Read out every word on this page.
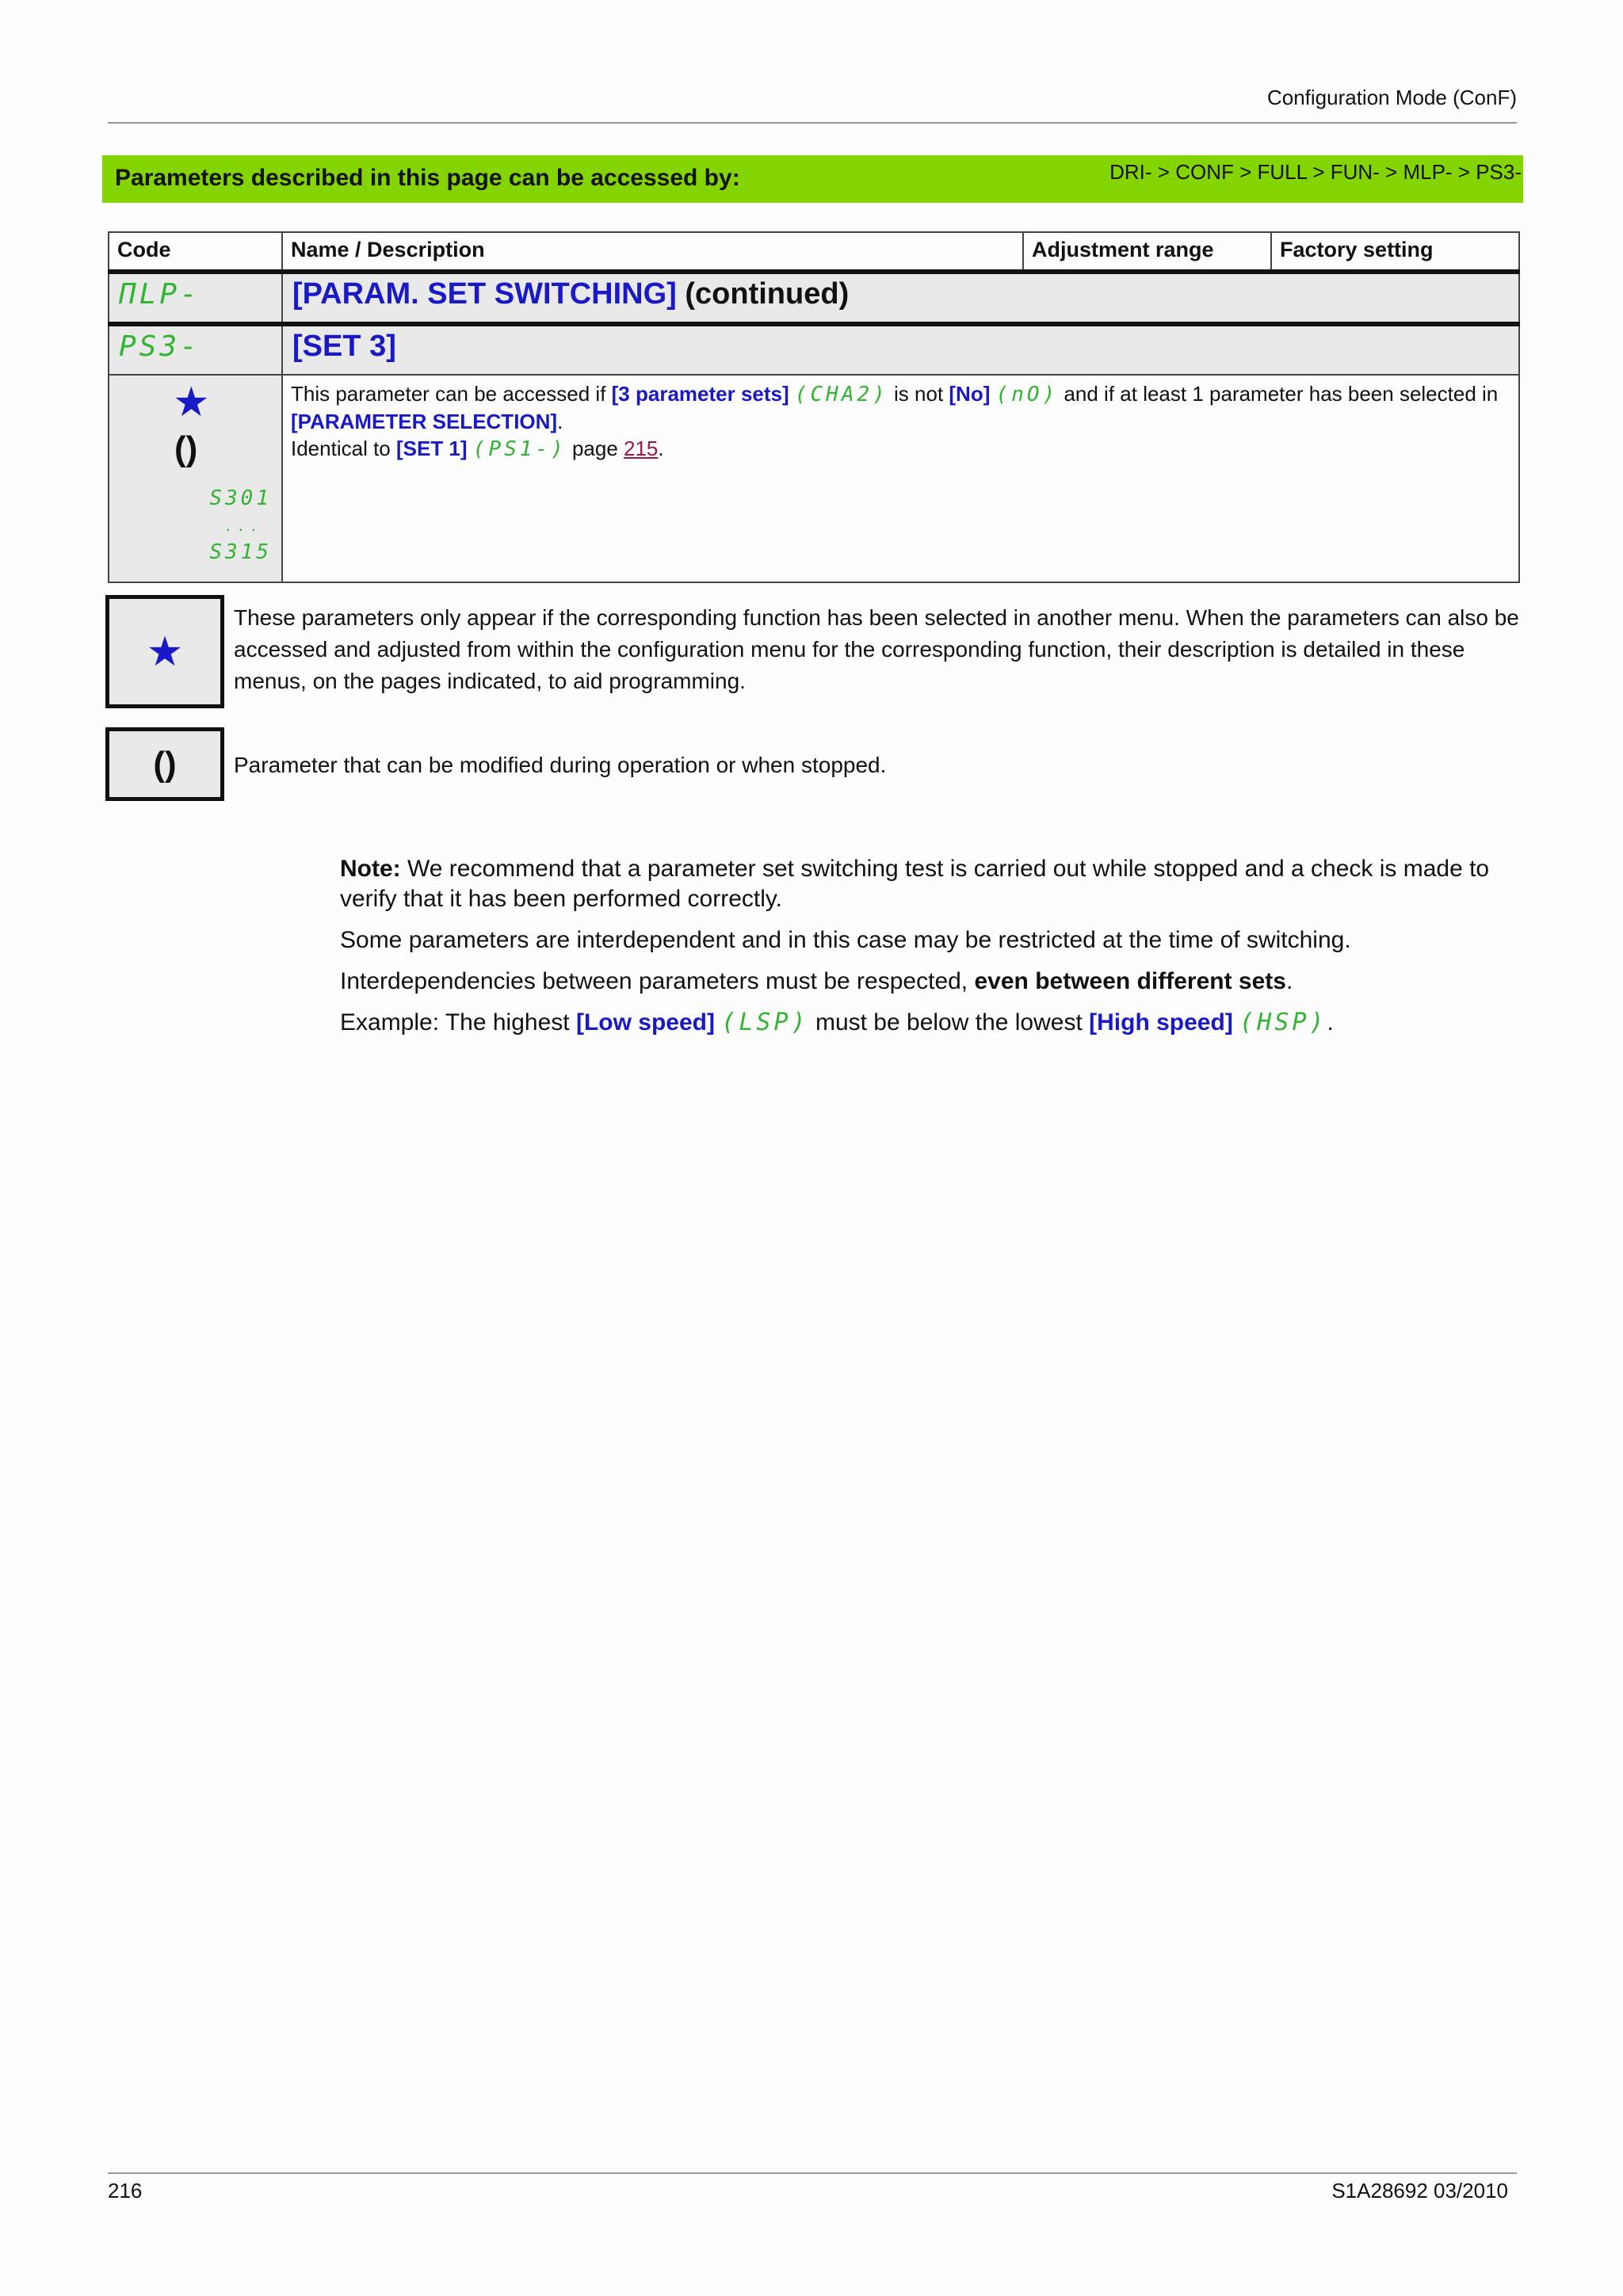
Configuration Mode (ConF)
Parameters described in this page can be accessed by:	DRI- > CONF > FULL > FUN- > MLP- > PS3-
Code	Name / Description	Adjustment range	Factory setting
ΠLP-	[PARAM. SET SWITCHING] (continued)		
PS3-	[SET 3]		

★
()
S301
...
S315	This parameter can be accessed if [3 parameter sets] (CHA2) is not [No] (nO) and if at least 1 parameter has been selected in [PARAMETER SELECTION].
Identical to [SET 1] (PS1-) page 215.		
★
These parameters only appear if the corresponding function has been selected in another menu. When the parameters can also be accessed and adjusted from within the configuration menu for the corresponding function, their description is detailed in these menus, on the pages indicated, to aid programming.
()	Parameter that can be modified during operation or when stopped.

Note: We recommend that a parameter set switching test is carried out while stopped and a check is made to verify that it has been performed correctly.

Some parameters are interdependent and in this case may be restricted at the time of switching.

Interdependencies between parameters must be respected, even between different sets.

Example: The highest [Low speed] (LSP) must be below the lowest [High speed] (HSP).

216	S1A28692 03/2010
